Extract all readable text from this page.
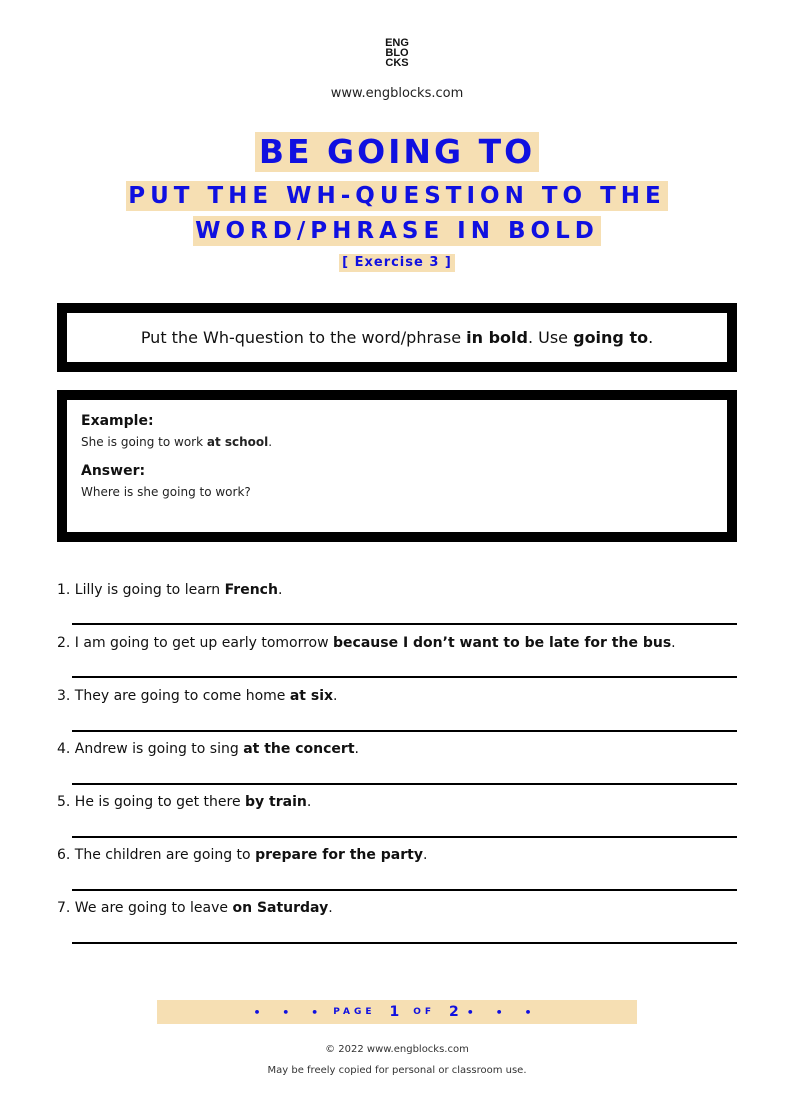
ENG
BLO
CKS
www.engblocks.com
BE GOING TO
PUT THE WH-QUESTION TO THE
WORD/PHRASE IN BOLD
[ Exercise 3 ]
Put the Wh-question to the word/phrase in bold. Use going to.

Example:

She is going to work at school.

Answer:

Where is she going to work?

1. Lilly is going to learn French.
2. I am going to get up early tomorrow because I don’t want to be late for the bus.
3. They are going to come home at six.
4. Andrew is going to sing at the concert.
5. He is going to get there by train.
6. The children are going to prepare for the party.
7. We are going to leave on Saturday.
• • • PAGE 1 OF 2 • • •
© 2022 www.engblocks.com
May be freely copied for personal or classroom use.
